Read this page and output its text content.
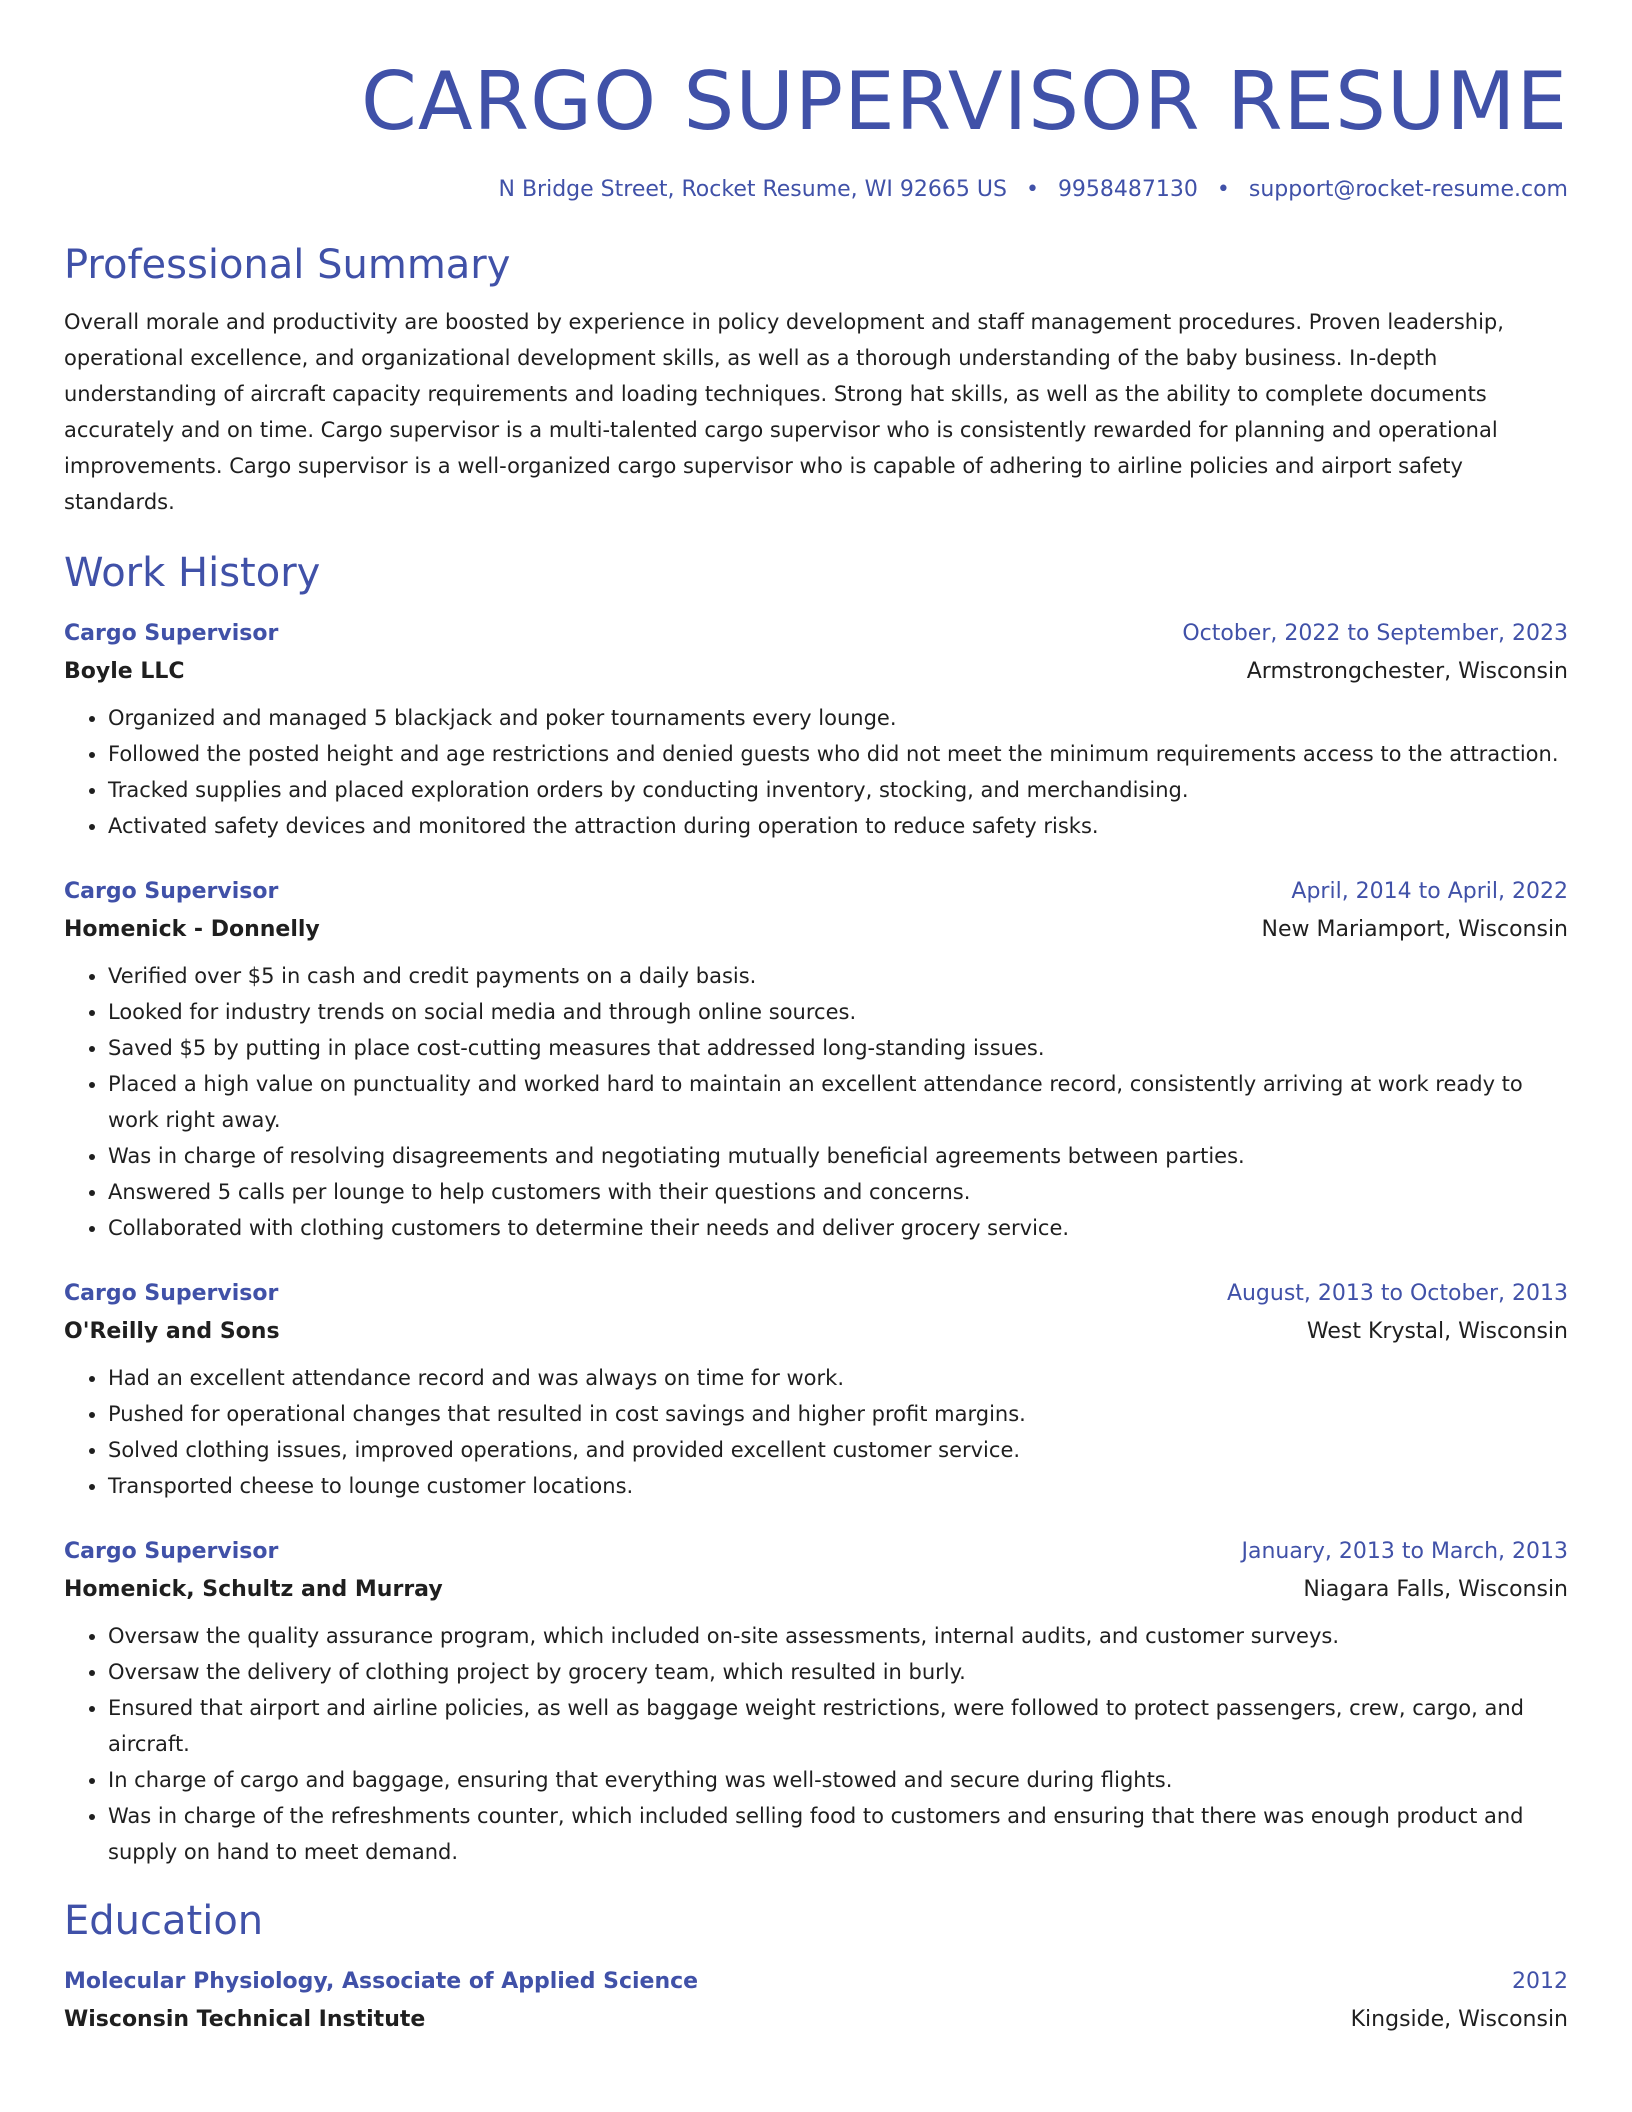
CARGO SUPERVISOR RESUME
N Bridge Street, Rocket Resume, WI 92665 US • 9958487130 • support@rocket-resume.com
Professional Summary

Overall morale and productivity are boosted by experience in policy development and staff management procedures. Proven leadership, operational excellence, and organizational development skills, as well as a thorough understanding of the baby business. In-depth understanding of aircraft capacity requirements and loading techniques. Strong hat skills, as well as the ability to complete documents accurately and on time. Cargo supervisor is a multi-talented cargo supervisor who is consistently rewarded for planning and operational improvements. Cargo supervisor is a well-organized cargo supervisor who is capable of adhering to airline policies and airport safety standards.

Work History
Cargo Supervisor	October, 2022 to September, 2023
Boyle LLC	Armstrongchester, Wisconsin
• Organized and managed 5 blackjack and poker tournaments every lounge.
• Followed the posted height and age restrictions and denied guests who did not meet the minimum requirements access to the attraction.
• Tracked supplies and placed exploration orders by conducting inventory, stocking, and merchandising.
• Activated safety devices and monitored the attraction during operation to reduce safety risks.
Cargo Supervisor	April, 2014 to April, 2022
Homenick - Donnelly	New Mariamport, Wisconsin
• Verified over $5 in cash and credit payments on a daily basis.
• Looked for industry trends on social media and through online sources.
• Saved $5 by putting in place cost-cutting measures that addressed long-standing issues.
• Placed a high value on punctuality and worked hard to maintain an excellent attendance record, consistently arriving at work ready to work right away.
• Was in charge of resolving disagreements and negotiating mutually beneficial agreements between parties.
• Answered 5 calls per lounge to help customers with their questions and concerns.
• Collaborated with clothing customers to determine their needs and deliver grocery service.
Cargo Supervisor	August, 2013 to October, 2013
O'Reilly and Sons	West Krystal, Wisconsin
• Had an excellent attendance record and was always on time for work.
• Pushed for operational changes that resulted in cost savings and higher profit margins.
• Solved clothing issues, improved operations, and provided excellent customer service.
• Transported cheese to lounge customer locations.
Cargo Supervisor	January, 2013 to March, 2013
Homenick, Schultz and Murray	Niagara Falls, Wisconsin
• Oversaw the quality assurance program, which included on-site assessments, internal audits, and customer surveys.
• Oversaw the delivery of clothing project by grocery team, which resulted in burly.
• Ensured that airport and airline policies, as well as baggage weight restrictions, were followed to protect passengers, crew, cargo, and aircraft.
• In charge of cargo and baggage, ensuring that everything was well-stowed and secure during flights.
• Was in charge of the refreshments counter, which included selling food to customers and ensuring that there was enough product and supply on hand to meet demand.
Education
Molecular Physiology, Associate of Applied Science	2012
Wisconsin Technical Institute	Kingside, Wisconsin
